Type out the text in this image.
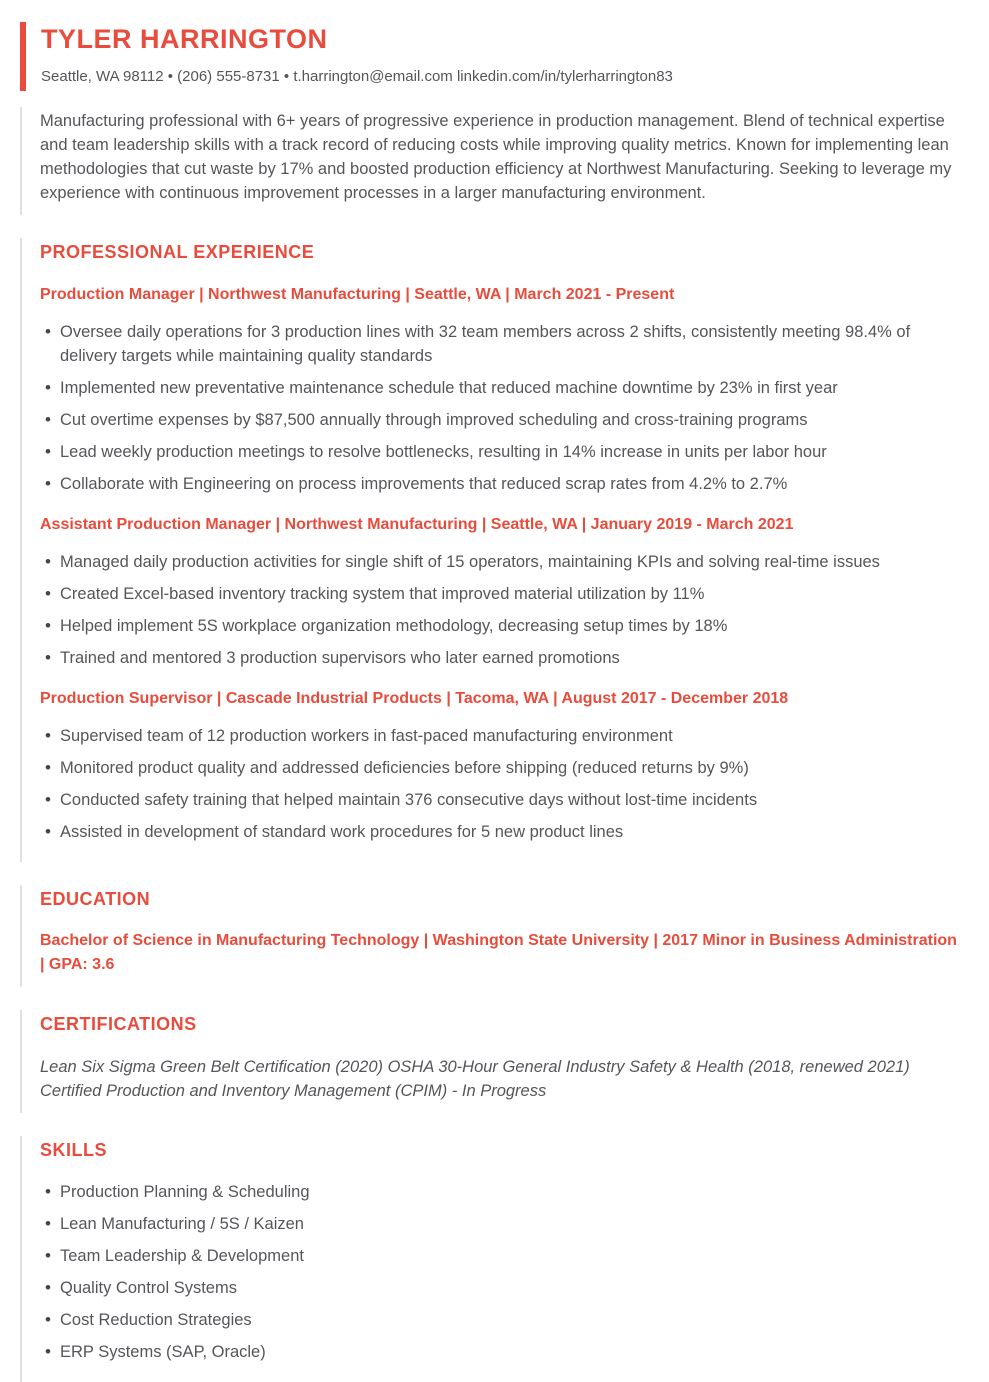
TYLER HARRINGTON
Seattle, WA 98112 • (206) 555-8731 • t.harrington@email.com linkedin.com/in/tylerharrington83

Manufacturing professional with 6+ years of progressive experience in production management. Blend of technical expertise and team leadership skills with a track record of reducing costs while improving quality metrics. Known for implementing lean methodologies that cut waste by 17% and boosted production efficiency at Northwest Manufacturing. Seeking to leverage my experience with continuous improvement processes in a larger manufacturing environment.

PROFESSIONAL EXPERIENCE
Production Manager | Northwest Manufacturing | Seattle, WA | March 2021 - Present
• Oversee daily operations for 3 production lines with 32 team members across 2 shifts, consistently meeting 98.4% of delivery targets while maintaining quality standards
• Implemented new preventative maintenance schedule that reduced machine downtime by 23% in first year
• Cut overtime expenses by $87,500 annually through improved scheduling and cross-training programs
• Lead weekly production meetings to resolve bottlenecks, resulting in 14% increase in units per labor hour
• Collaborate with Engineering on process improvements that reduced scrap rates from 4.2% to 2.7%
Assistant Production Manager | Northwest Manufacturing | Seattle, WA | January 2019 - March 2021
• Managed daily production activities for single shift of 15 operators, maintaining KPIs and solving real-time issues
• Created Excel-based inventory tracking system that improved material utilization by 11%
• Helped implement 5S workplace organization methodology, decreasing setup times by 18%
• Trained and mentored 3 production supervisors who later earned promotions
Production Supervisor | Cascade Industrial Products | Tacoma, WA | August 2017 - December 2018
• Supervised team of 12 production workers in fast-paced manufacturing environment
• Monitored product quality and addressed deficiencies before shipping (reduced returns by 9%)
• Conducted safety training that helped maintain 376 consecutive days without lost-time incidents
• Assisted in development of standard work procedures for 5 new product lines
EDUCATION
Bachelor of Science in Manufacturing Technology | Washington State University | 2017 Minor in Business Administration | GPA: 3.6
CERTIFICATIONS

Lean Six Sigma Green Belt Certification (2020) OSHA 30-Hour General Industry Safety & Health (2018, renewed 2021) Certified Production and Inventory Management (CPIM) - In Progress

SKILLS
• Production Planning & Scheduling
• Lean Manufacturing / 5S / Kaizen
• Team Leadership & Development
• Quality Control Systems
• Cost Reduction Strategies
• ERP Systems (SAP, Oracle)
